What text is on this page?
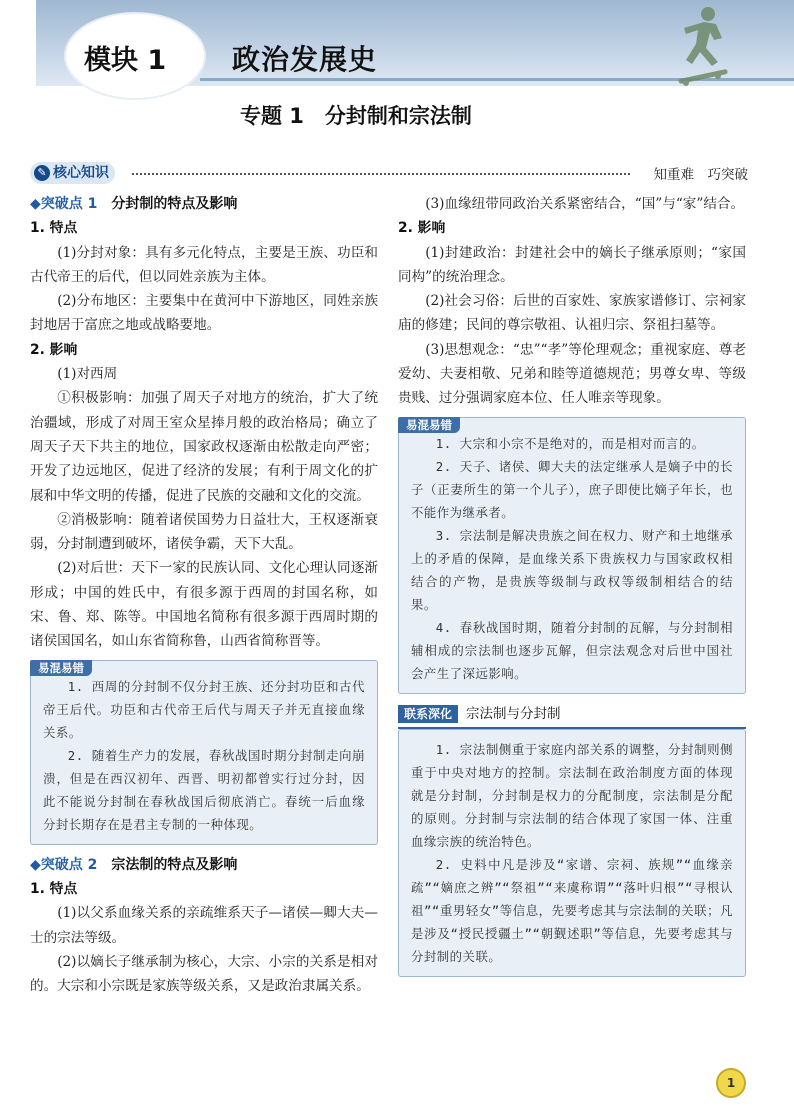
模块 1	政治发展史
专题 1　分封制和宗法制
✎ 核心知识	知重难　巧突破

◆突破点 1　 分封制的特点及影响

1. 特点

(1)分封对象：具有多元化特点，主要是王族、功臣和古代帝王的后代，但以同姓亲族为主体。

(2)分布地区：主要集中在黄河中下游地区，同姓亲族封地居于富庶之地或战略要地。

2. 影响

(1)对西周

①积极影响：加强了周天子对地方的统治，扩大了统治疆域，形成了对周王室众星捧月般的政治格局；确立了周天子天下共主的地位，国家政权逐渐由松散走向严密；开发了边远地区，促进了经济的发展；有利于周文化的扩展和中华文明的传播，促进了民族的交融和文化的交流。

②消极影响：随着诸侯国势力日益壮大，王权逐渐衰弱，分封制遭到破坏，诸侯争霸，天下大乱。

(2)对后世：天下一家的民族认同、文化心理认同逐渐形成；中国的姓氏中，有很多源于西周的封国名称，如宋、鲁、郑、陈等。中国地名简称有很多源于西周时期的诸侯国国名，如山东省简称鲁，山西省简称晋等。

易混易错

1. 西周的分封制不仅分封王族、还分封功臣和古代帝王后代。功臣和古代帝王后代与周天子并无直接血缘关系。

2. 随着生产力的发展，春秋战国时期分封制走向崩溃，但是在西汉初年、西晋、明初都曾实行过分封，因此不能说分封制在春秋战国后彻底消亡。春统一后血缘分封长期存在是君主专制的一种体现。

◆突破点 2　 宗法制的特点及影响

1. 特点

(1)以父系血缘关系的亲疏维系天子—诸侯—卿大夫—士的宗法等级。

(2)以嫡长子继承制为核心，大宗、小宗的关系是相对的。大宗和小宗既是家族等级关系，又是政治隶属关系。

(3)血缘纽带同政治关系紧密结合，“国”与“家”结合。

2. 影响

(1)封建政治：封建社会中的嫡长子继承原则；“家国同构”的统治理念。

(2)社会习俗：后世的百家姓、家族家谱修订、宗祠家庙的修建；民间的尊宗敬祖、认祖归宗、祭祖扫墓等。

(3)思想观念：“忠”“孝”等伦理观念；重视家庭、尊老爱幼、夫妻相敬、兄弟和睦等道德规范；男尊女卑、等级贵贱、过分强调家庭本位、任人唯亲等现象。

易混易错

1. 大宗和小宗不是绝对的，而是相对而言的。

2. 天子、诸侯、卿大夫的法定继承人是嫡子中的长子（正妻所生的第一个儿子），庶子即使比嫡子年长，也不能作为继承者。

3. 宗法制是解决贵族之间在权力、财产和土地继承上的矛盾的保障，是血缘关系下贵族权力与国家政权相结合的产物，是贵族等级制与政权等级制相结合的结果。

4. 春秋战国时期，随着分封制的瓦解，与分封制相辅相成的宗法制也逐步瓦解，但宗法观念对后世中国社会产生了深远影响。

联系深化	宗法制与分封制

1. 宗法制侧重于家庭内部关系的调整，分封制则侧重于中央对地方的控制。宗法制在政治制度方面的体现就是分封制，分封制是权力的分配制度，宗法制是分配的原则。分封制与宗法制的结合体现了家国一体、注重血缘宗族的统治特色。

2. 史料中凡是涉及“家谱、宗祠、族规”“血缘亲疏”“嫡庶之辨”“祭祖”“来虞称谓”“落叶归根”“寻根认祖”“重男轻女”等信息，先要考虑其与宗法制的关联；凡是涉及“授民授疆土”“朝觐述职”等信息，先要考虑其与分封制的关联。

1
